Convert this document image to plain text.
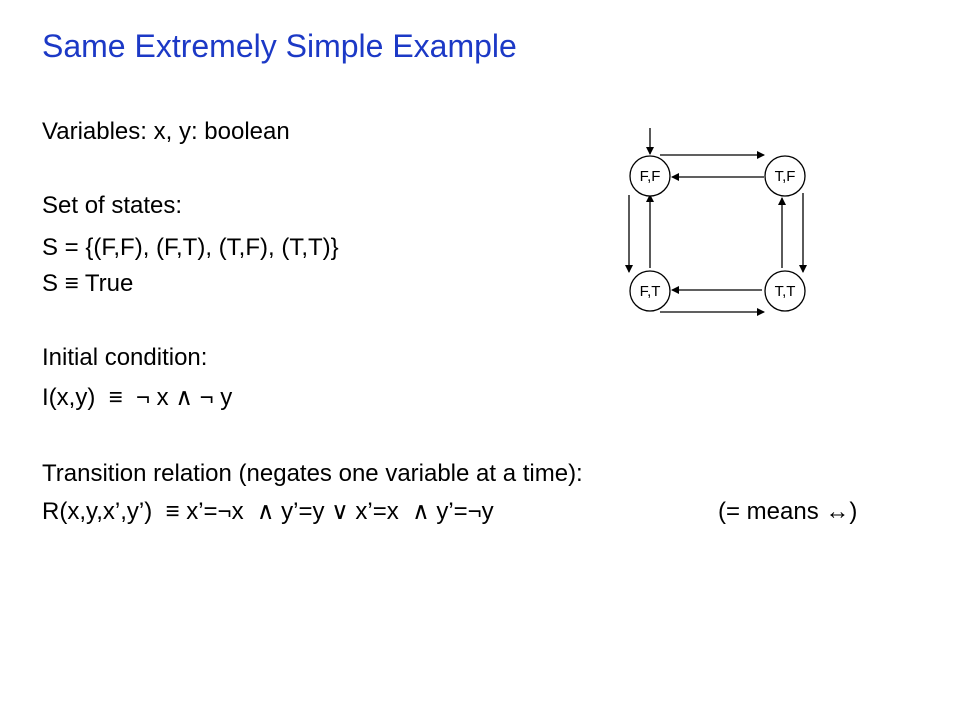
Same Extremely Simple Example
Variables: x, y: boolean
Set of states:
S = {(F,F), (F,T), (T,F), (T,T)}
S ≡ True
Initial condition:
I(x,y)  ≡  ¬ x ∧ ¬ y
Transition relation (negates one variable at a time):
R(x,y,x’,y’)  ≡ x’=¬x  ∧ y’=y ∨ x’=x  ∧ y’=¬y	(= means ↔)
F,F	T,F
F,T	T,T
